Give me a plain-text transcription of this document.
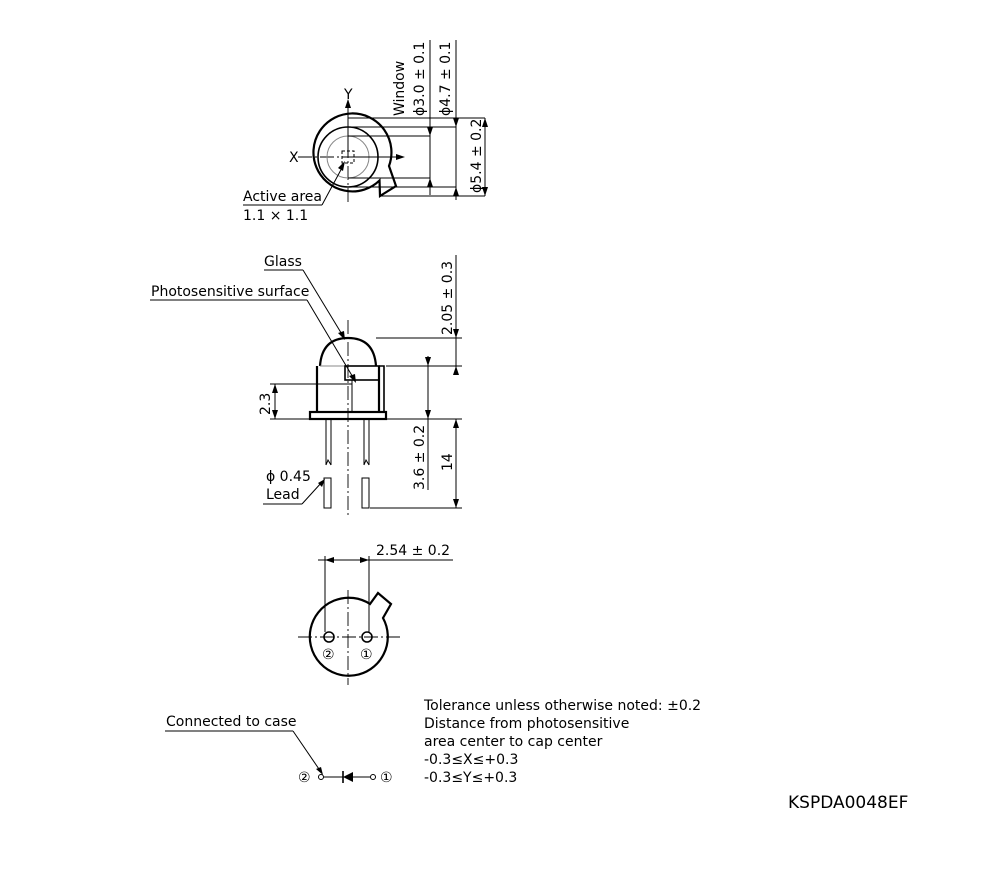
Y
X
Active area
1.1 × 1.1
Window ϕ3.0 ± 0.1 ϕ4.7 ± 0.1
ϕ5.4 ± 0.2
Glass
Photosensitive surface	2.05 ± 0.3
2.3
3.6 ± 0.2 14
ϕ 0.45
Lead
② ①
2.54 ± 0.2
Connected to case
②	①
Tolerance unless otherwise noted: ±0.2
Distance from photosensitive
area center to cap center
-0.3≤X≤+0.3
-0.3≤Y≤+0.3
KSPDA0048EF
